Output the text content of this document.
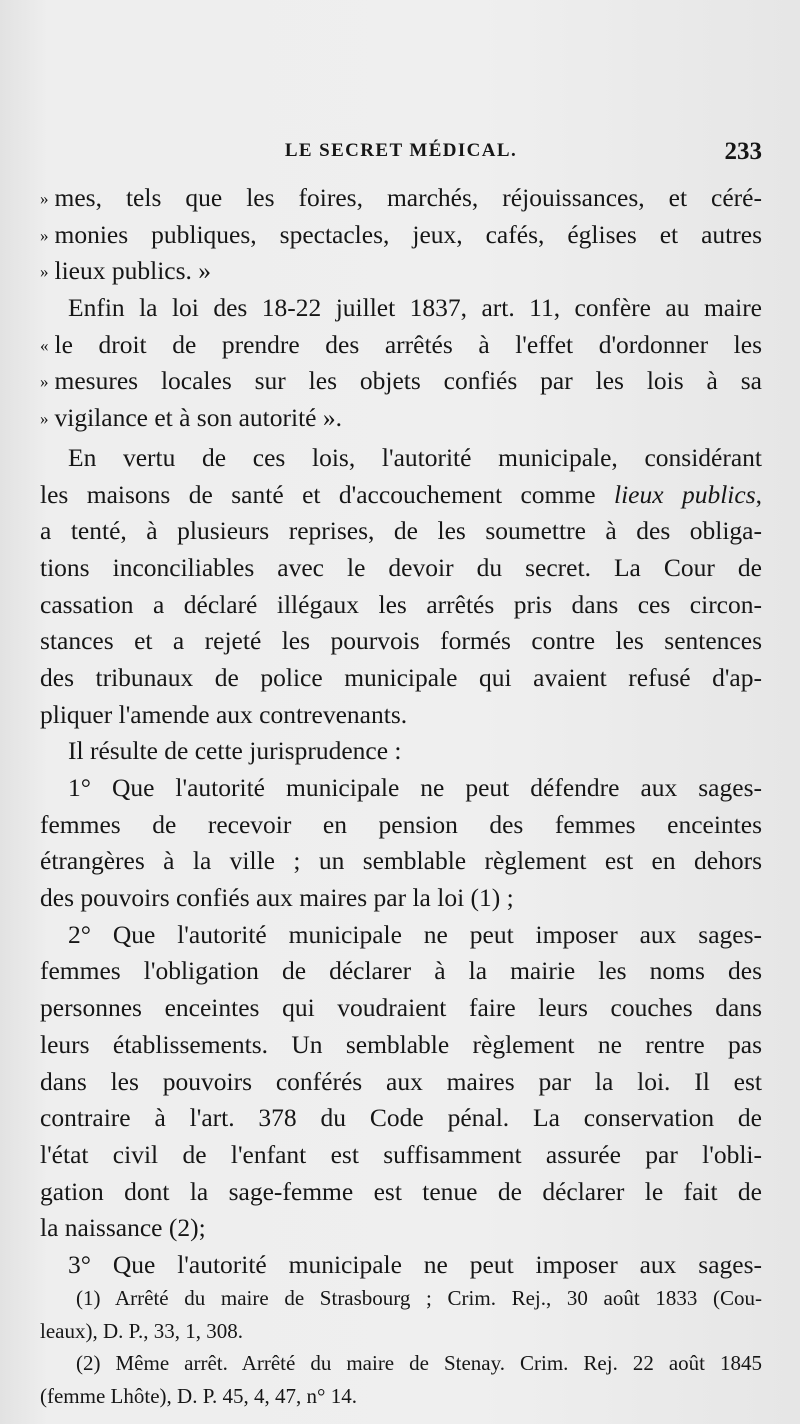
LE SECRET MÉDICAL.	233
» mes, tels que les foires, marchés, réjouissances, et céré-
» monies publiques, spectacles, jeux, cafés, églises et autres
» lieux publics. »
Enfin la loi des 18-22 juillet 1837, art. 11, confère au maire
« le droit de prendre des arrêtés à l'effet d'ordonner les
» mesures locales sur les objets confiés par les lois à sa
» vigilance et à son autorité ».
En vertu de ces lois, l'autorité municipale, considérant
les maisons de santé et d'accouchement comme lieux publics,
a tenté, à plusieurs reprises, de les soumettre à des obliga-
tions inconciliables avec le devoir du secret. La Cour de
cassation a déclaré illégaux les arrêtés pris dans ces circon-
stances et a rejeté les pourvois formés contre les sentences
des tribunaux de police municipale qui avaient refusé d'ap-
pliquer l'amende aux contrevenants.
Il résulte de cette jurisprudence :
1° Que l'autorité municipale ne peut défendre aux sages-
femmes de recevoir en pension des femmes enceintes
étrangères à la ville ; un semblable règlement est en dehors
des pouvoirs confiés aux maires par la loi (1) ;
2° Que l'autorité municipale ne peut imposer aux sages-
femmes l'obligation de déclarer à la mairie les noms des
personnes enceintes qui voudraient faire leurs couches dans
leurs établissements. Un semblable règlement ne rentre pas
dans les pouvoirs conférés aux maires par la loi. Il est
contraire à l'art. 378 du Code pénal. La conservation de
l'état civil de l'enfant est suffisamment assurée par l'obli-
gation dont la sage-femme est tenue de déclarer le fait de
la naissance (2);
3° Que l'autorité municipale ne peut imposer aux sages-
(1) Arrêté du maire de Strasbourg ; Crim. Rej., 30 août 1833 (Cou-
leaux), D. P., 33, 1, 308.
(2) Même arrêt. Arrêté du maire de Stenay. Crim. Rej. 22 août 1845
(femme Lhôte), D. P. 45, 4, 47, n° 14.
